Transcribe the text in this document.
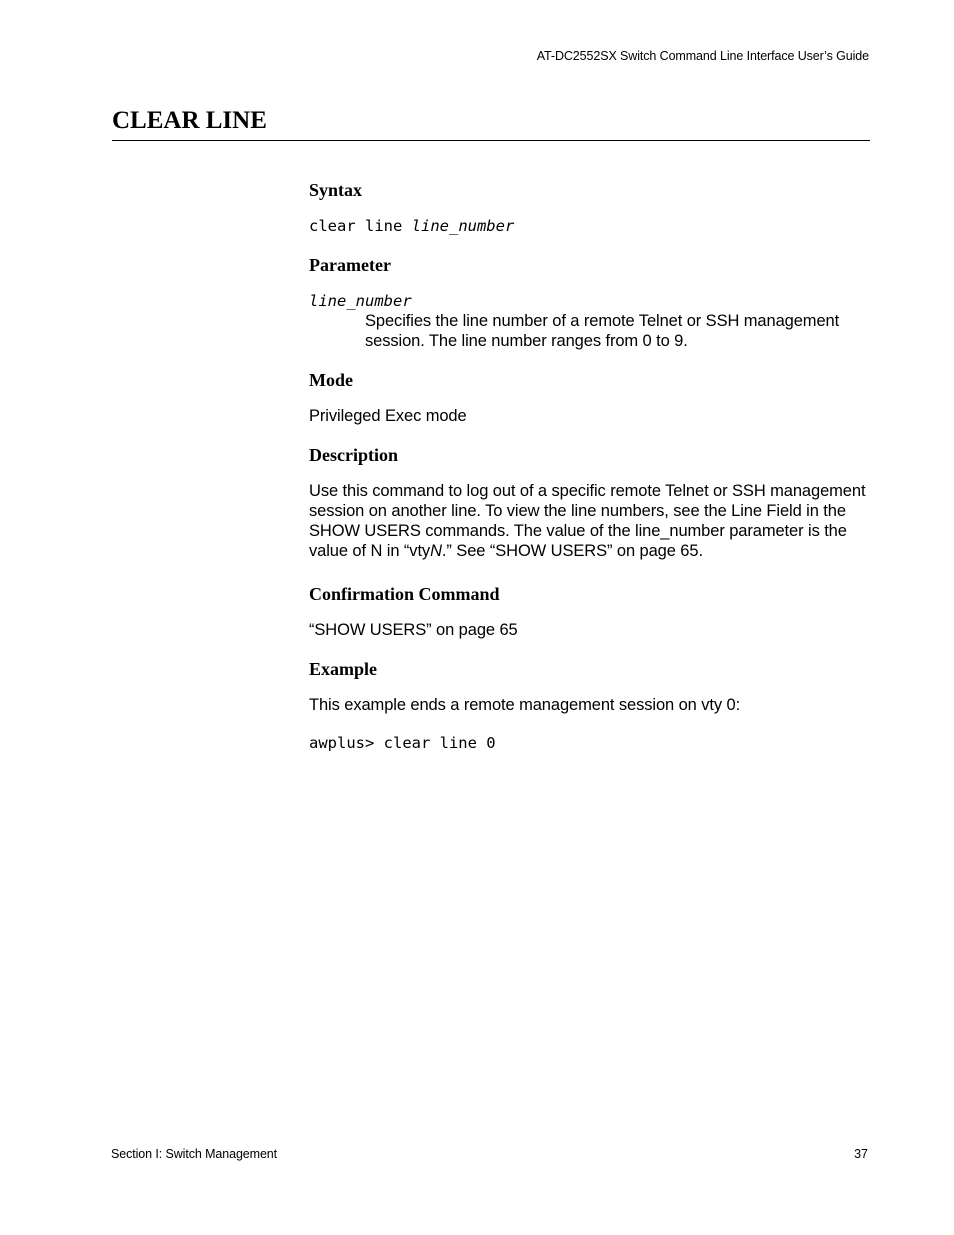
AT-DC2552SX Switch Command Line Interface User’s Guide
CLEAR LINE
Syntax

clear line line_number

Parameter

line_number

Specifies the line number of a remote Telnet or SSH management session. The line number ranges from 0 to 9.

Mode

Privileged Exec mode

Description

Use this command to log out of a specific remote Telnet or SSH management session on another line. To view the line numbers, see the Line Field in the SHOW USERS commands. The value of the line_number parameter is the value of N in “vtyN.” See “SHOW USERS” on page 65.

Confirmation Command

“SHOW USERS” on page 65

Example

This example ends a remote management session on vty 0:

awplus> clear line 0

Section I: Switch Management	37
